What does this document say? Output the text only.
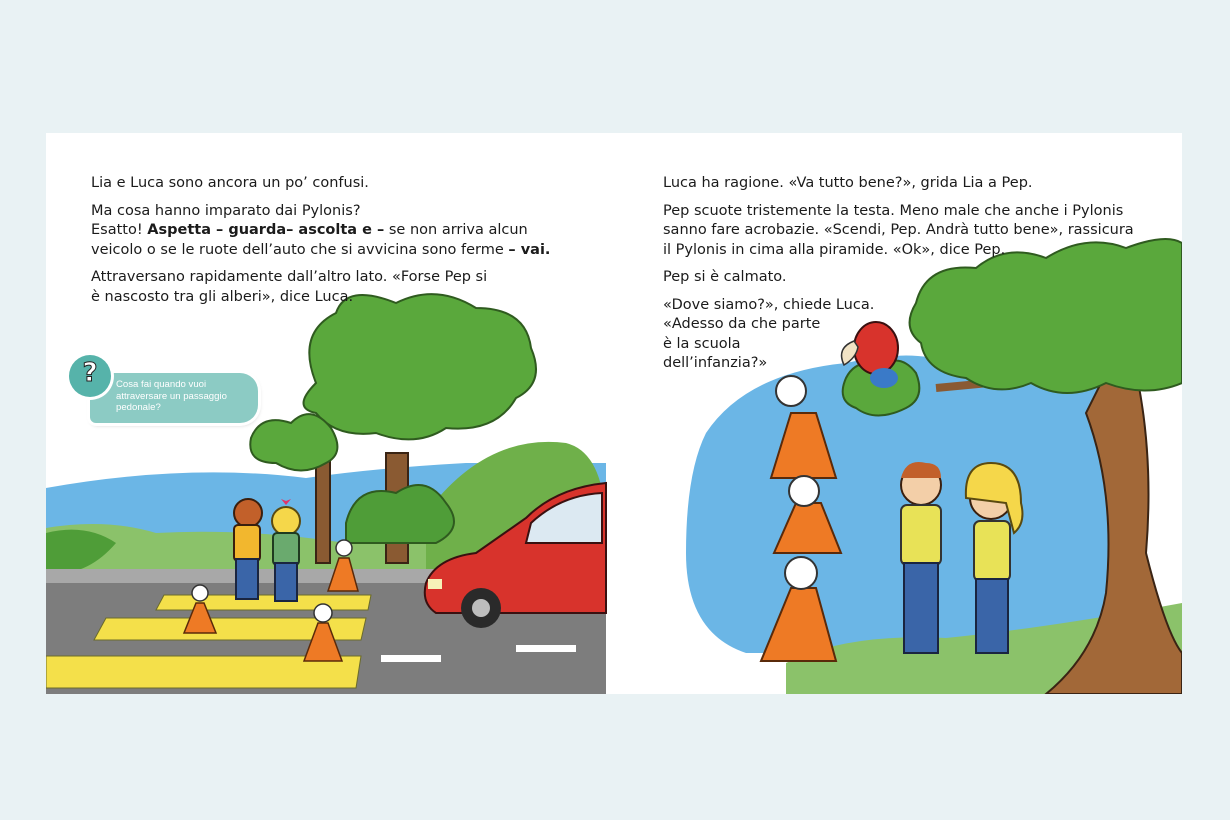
Lia e Luca sono ancora un po’ confusi.

Ma cosa hanno imparato dai Pylonis?
Esatto! Aspetta – guarda– ascolta e – se non arriva alcun
veicolo o se le ruote dell’auto che si avvicina sono ferme – vai.

Attraversano rapidamente dall’altro lato. «Forse Pep si è nascosto tra gli alberi», dice Luca.

Cosa fai quando vuoi attraversare un passaggio pedonale?
?

Luca ha ragione. «Va tutto bene?», grida Lia a Pep.

Pep scuote tristemente la testa. Meno male che anche i Pylonis sanno fare acrobazie. «Scendi, Pep. Andrà tutto bene», rassicura il Pylonis in cima alla piramide. «Ok», dice Pep.

Pep si è calmato.

«Dove siamo?», chiede Luca.
«Adesso da che parte
è la scuola
dell’infanzia?»
